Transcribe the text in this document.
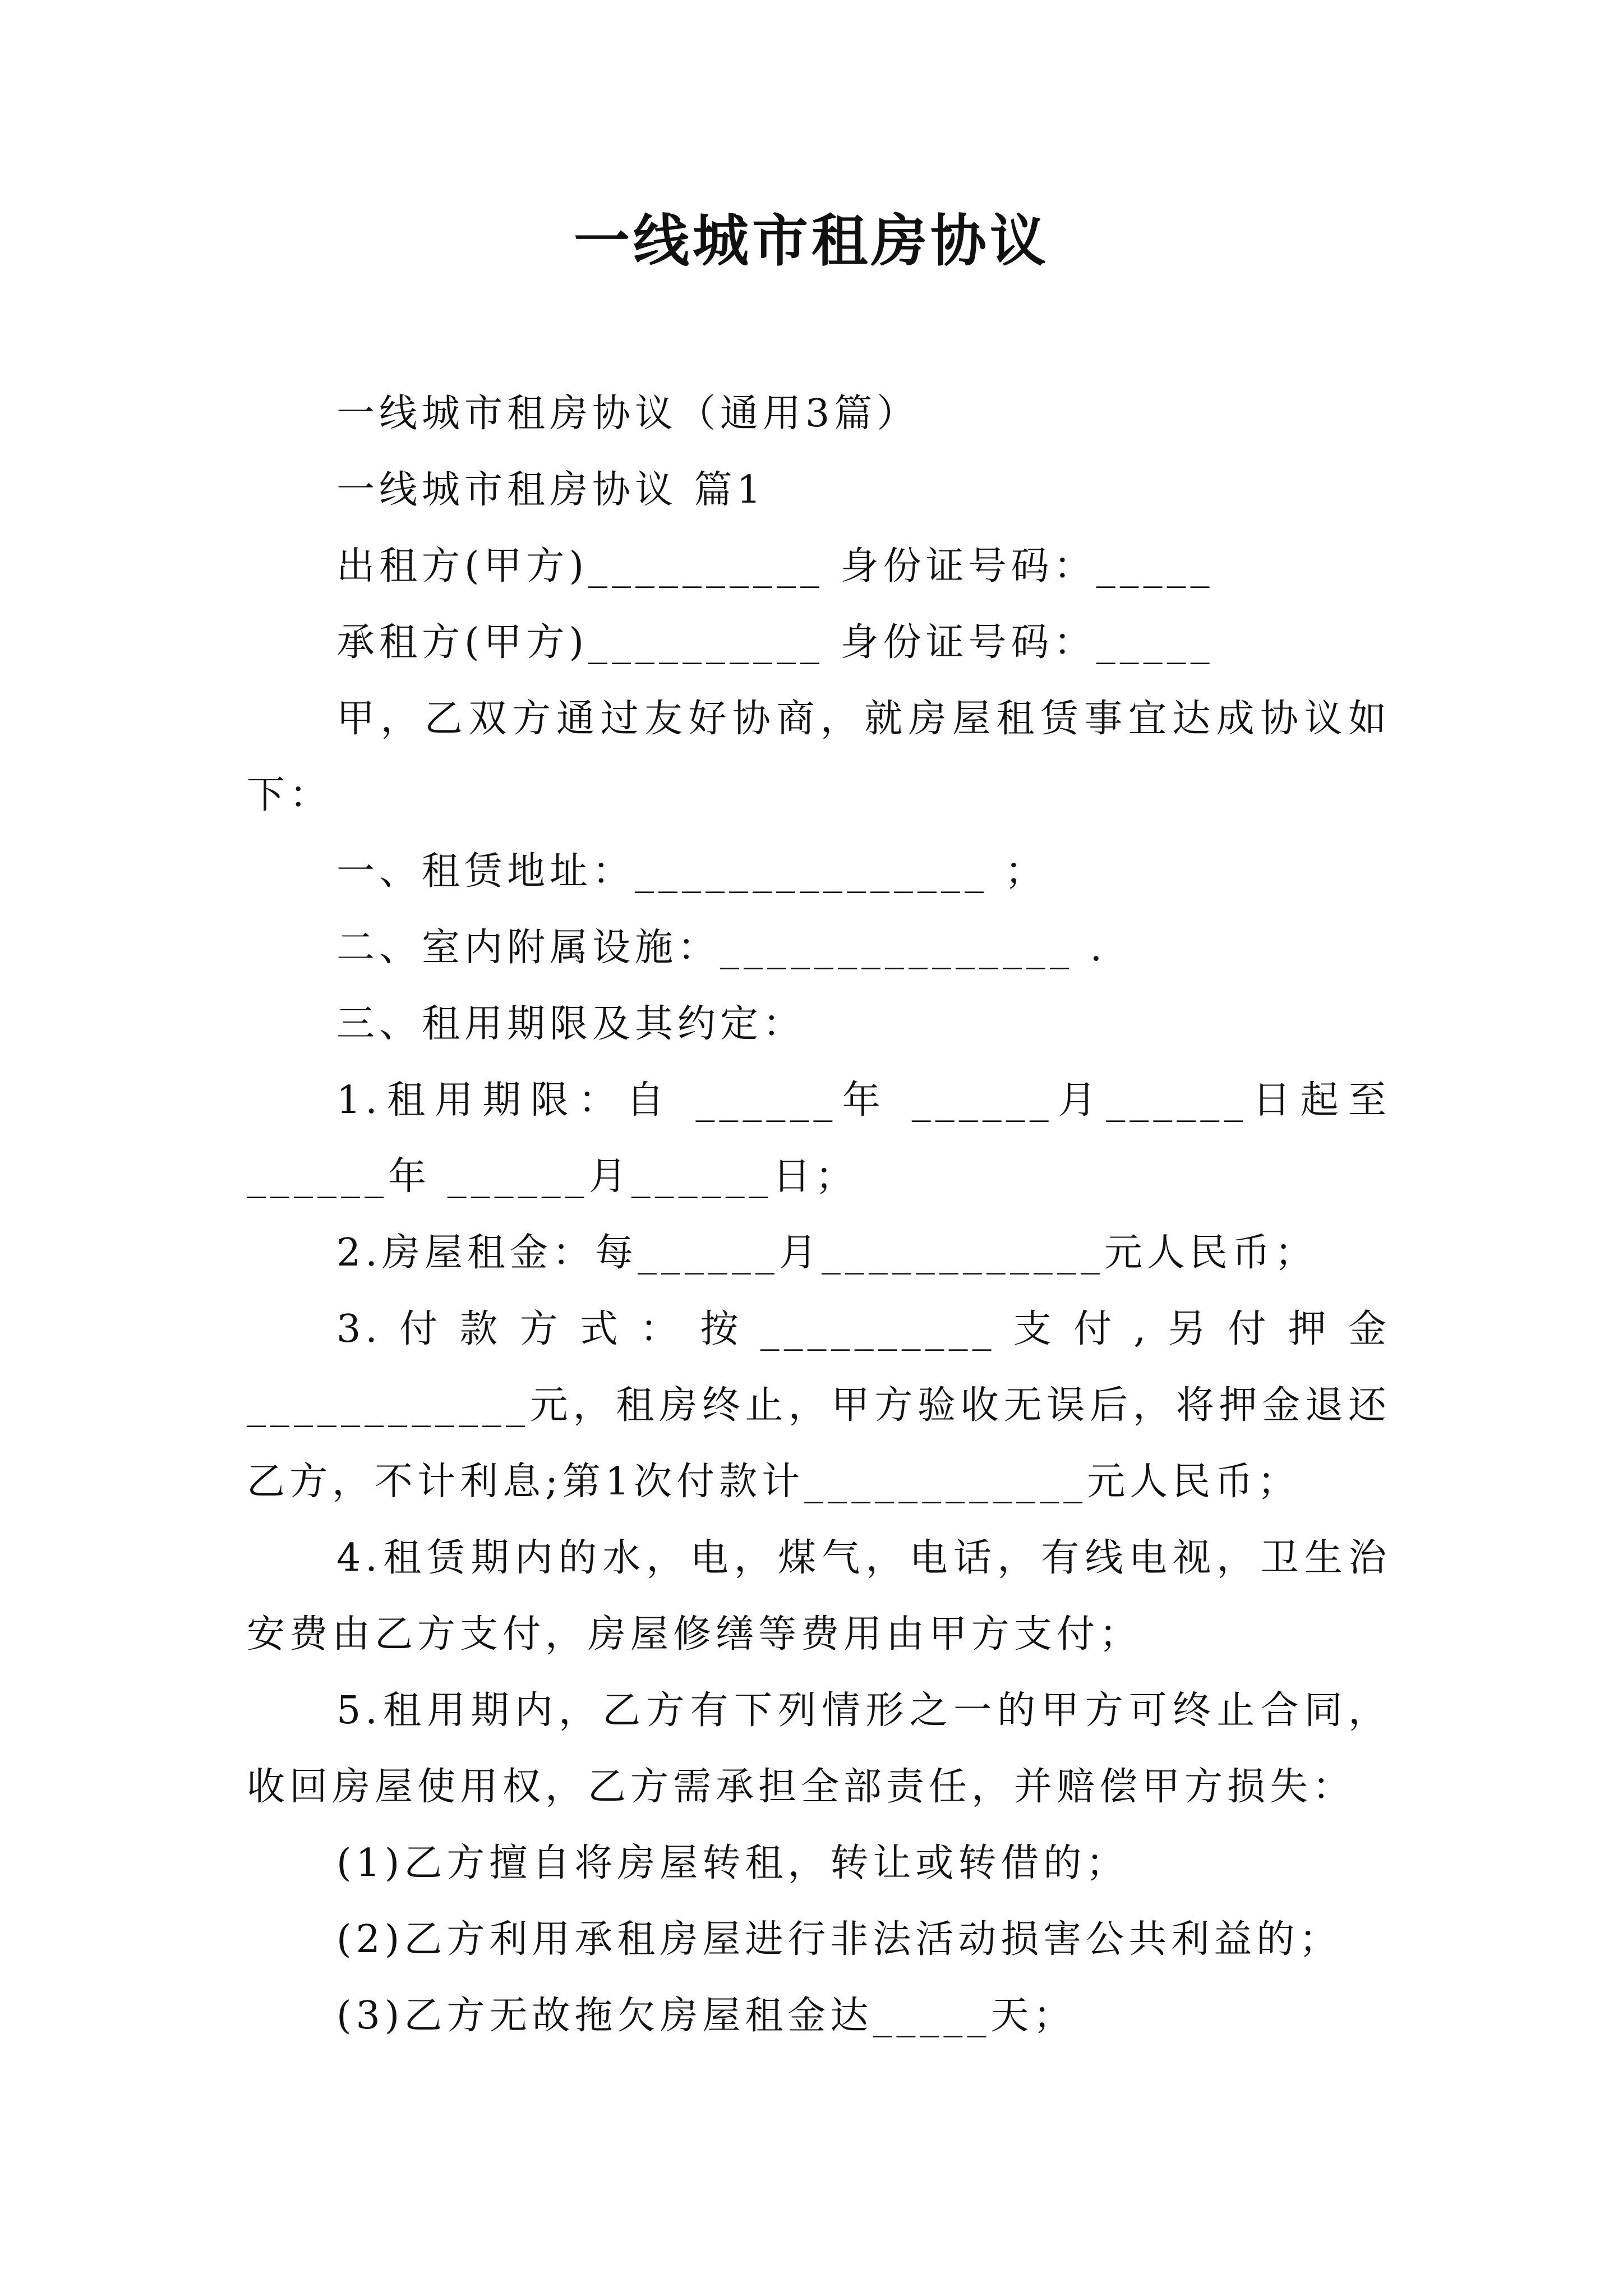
一线城市租房协议

一线城市租房协议（通用3篇）

一线城市租房协议 篇1

出租方(甲方)__________ 身份证号码：_____

承租方(甲方)__________ 身份证号码：_____

甲，乙双方通过友好协商，就房屋租赁事宜达成协议如下：

一、租赁地址：_______________ ；

二、室内附属设施：_______________ .

三、租用期限及其约定：

1.租用期限：自 ______年 ______月______日起至______年 ______月______日；

2.房屋租金：每______月____________元人民币；

3.付款方式：按__________支付,另付押金____________元，租房终止，甲方验收无误后，将押金退还乙方，不计利息;第1次付款计____________元人民币；

4.租赁期内的水，电，煤气，电话，有线电视，卫生治安费由乙方支付，房屋修缮等费用由甲方支付；

5.租用期内，乙方有下列情形之一的甲方可终止合同，收回房屋使用权，乙方需承担全部责任，并赔偿甲方损失：

(1)乙方擅自将房屋转租，转让或转借的；

(2)乙方利用承租房屋进行非法活动损害公共利益的；

(3)乙方无故拖欠房屋租金达_____天；
